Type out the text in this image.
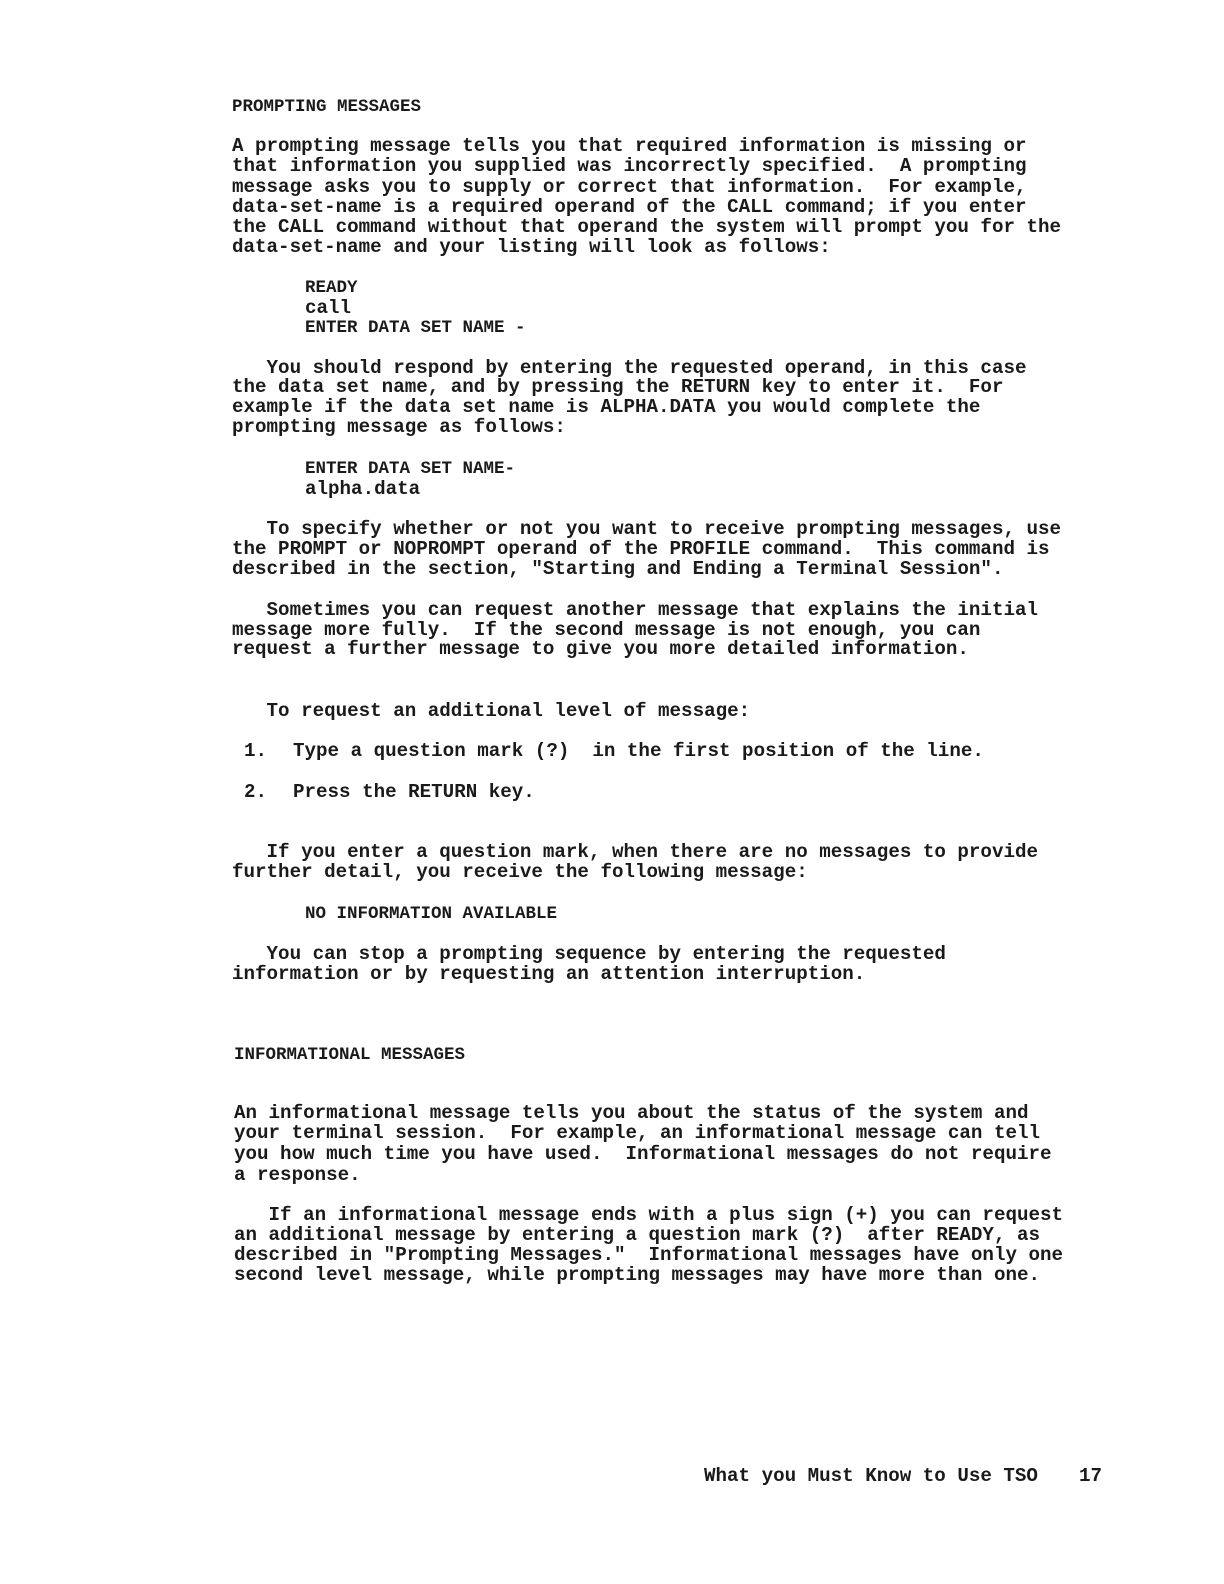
PROMPTING MESSAGES

A prompting message tells you that required information is missing or

that information you supplied was incorrectly specified.  A prompting

message asks you to supply or correct that information.  For example,

data-set-name is a required operand of the CALL command; if you enter

the CALL command without that operand the system will prompt you for the

data-set-name and your listing will look as follows:

READY

call

ENTER DATA SET NAME -

You should respond by entering the requested operand, in this case

the data set name, and by pressing the RETURN key to enter it.  For

example if the data set name is ALPHA.DATA you would complete the

prompting message as follows:

ENTER DATA SET NAME-

alpha.data

To specify whether or not you want to receive prompting messages, use

the PROMPT or NOPROMPT operand of the PROFILE command.  This command is

described in the section, "Starting and Ending a Terminal Session".

Sometimes you can request another message that explains the initial

message more fully.  If the second message is not enough, you can

request a further message to give you more detailed information.

To request an additional level of message:

1. Type a question mark (?)  in the first position of the line.

2. Press the RETURN key.

If you enter a question mark, when there are no messages to provide

further detail, you receive the following message:

NO INFORMATION AVAILABLE

You can stop a prompting sequence by entering the requested

information or by requesting an attention interruption.

INFORMATIONAL MESSAGES

An informational message tells you about the status of the system and

your terminal session.  For example, an informational message can tell

you how much time you have used.  Informational messages do not require

a response.

If an informational message ends with a plus sign (+) you can request

an additional message by entering a question mark (?)  after READY, as

described in "Prompting Messages."  Informational messages have only one

second level message, while prompting messages may have more than one.

What you Must Know to Use TSO 17
